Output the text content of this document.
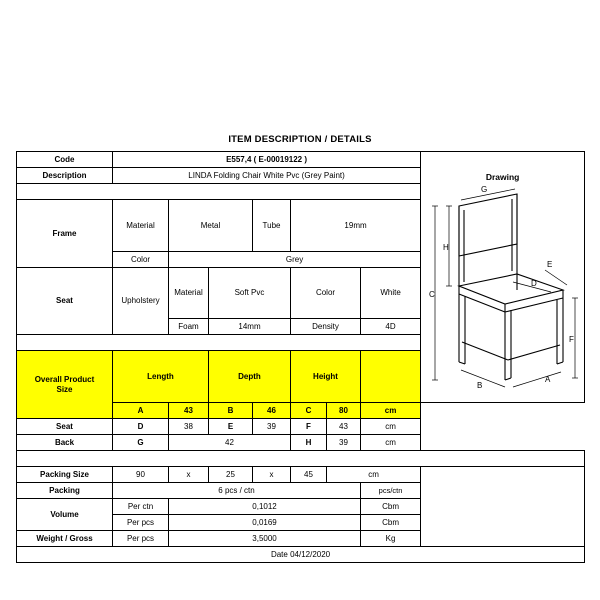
ITEM DESCRIPTION / DETAILS
Code	E557,4 ( E-00019122 )	
Drawing
C
H
G
F
E
D
B
A

Description	LINDA Folding Chair White Pvc (Grey Paint)							

Frame	Material	Metal		Tube	19mm			
	Color	Grey						
Seat	Upholstery	Material	Soft Pvc		Color		White	
		Foam	14mm		Density		4D	

Overall Product
Size	Length		Depth		Height			
	A	43	B	46	C	80	cm	
Seat	D	38	E	39	F	43	cm	
Back	G	42			H	39	cm	

Packing Size	90	x	25	x	45	cm		
Packing	6 pcs / ctn						pcs/ctn	
Volume	Per ctn	0,1012					Cbm	
	Per pcs	0,0169					Cbm	
Weight / Gross	Per pcs	3,5000					Kg	
Date 04/12/2020								
